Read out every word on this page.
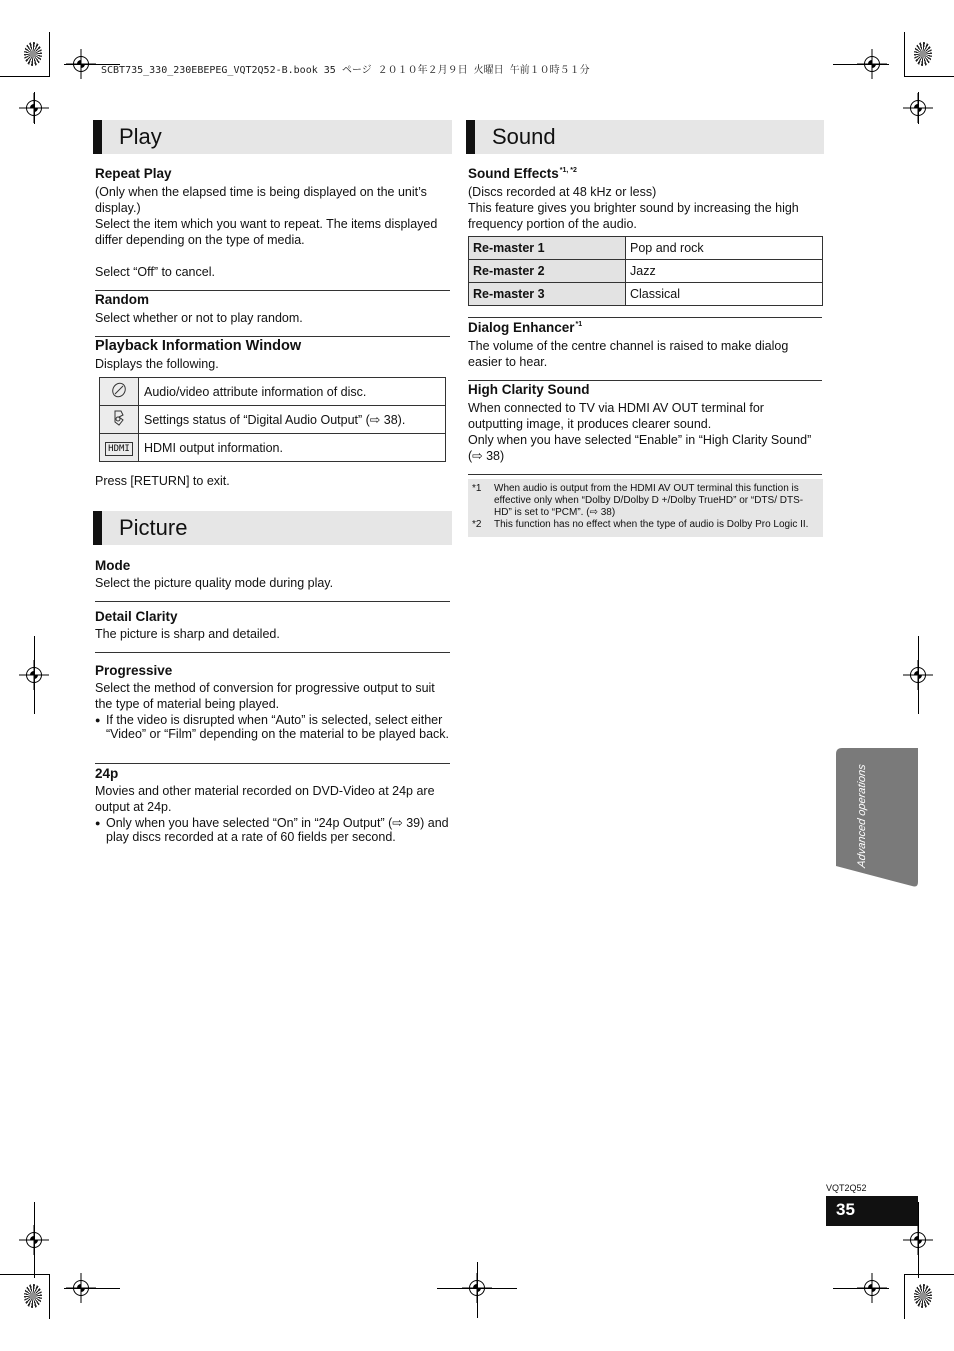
SCBT735_330_230EBEPEG_VQT2Q52-B.book 35 ページ ２０１０年２月９日 火曜日 午前１０時５１分
Play
Repeat Play
(Only when the elapsed time is being displayed on the unit’s display.)
Select the item which you want to repeat. The items displayed differ depending on the type of media.
Select “Off” to cancel.
Random
Select whether or not to play random.
Playback Information Window
Displays the following.
	Audio/video attribute information of disc.
	Settings status of “Digital Audio Output” (⇨ 38).
HDMI	HDMI output information.
Press [RETURN] to exit.
Picture
Mode
Select the picture quality mode during play.
Detail Clarity
The picture is sharp and detailed.
Progressive
Select the method of conversion for progressive output to suit the type of material being played.
● If the video is disrupted when “Auto” is selected, select either “Video” or “Film” depending on the material to be played back.
24p
Movies and other material recorded on DVD-Video at 24p are output at 24p.
● Only when you have selected “On” in “24p Output” (⇨ 39) and play discs recorded at a rate of 60 fields per second.
Sound
Sound Effects$^{*1, *2}$
(Discs recorded at 48 kHz or less)
This feature gives you brighter sound by increasing the high frequency portion of the audio.
Re-master 1	Pop and rock
Re-master 2	Jazz
Re-master 3	Classical
Dialog Enhancer$^{*1}$
The volume of the centre channel is raised to make dialog easier to hear.
High Clarity Sound
When connected to TV via HDMI AV OUT terminal for outputting image, it produces clearer sound.
Only when you have selected “Enable” in “High Clarity Sound” (⇨ 38)
*1 When audio is output from the HDMI AV OUT terminal this function is effective only when “Dolby D/Dolby D +/Dolby TrueHD” or “DTS/ DTS-HD” is set to “PCM”. (⇨ 38)
*2 This function has no effect when the type of audio is Dolby Pro Logic II.
Advanced operations
VQT2Q52
35
